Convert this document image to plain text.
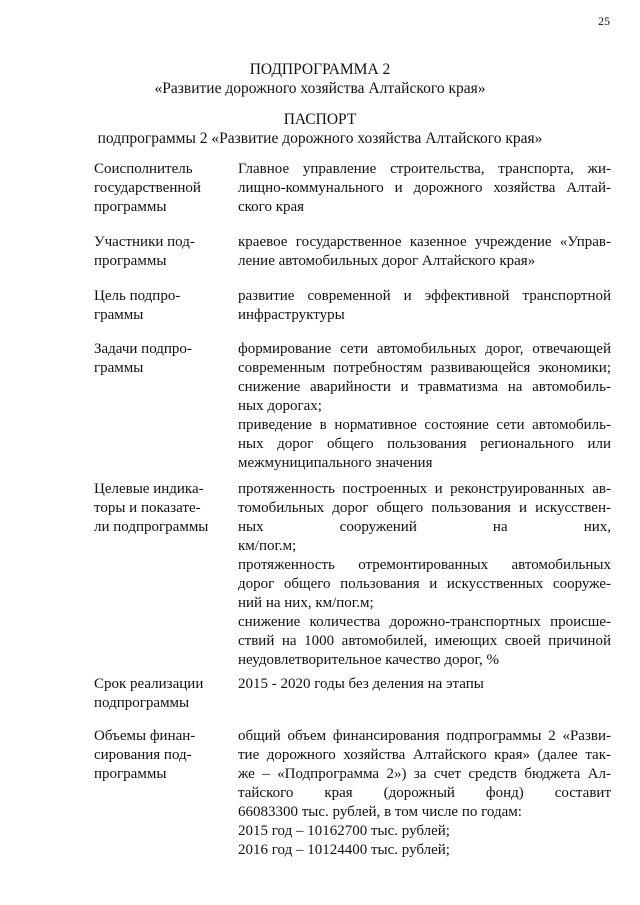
25
ПОДПРОГРАММА 2
«Развитие дорожного хозяйства Алтайского края»
ПАСПОРТ
подпрограммы 2 «Развитие дорожного хозяйства Алтайского края»
Соисполнитель
государственной
программы
Главное управление строительства, транспорта, жи-
лищно-коммунального и дорожного хозяйства Алтай-
ского края
Участники под-
программы
краевое государственное казенное учреждение «Управ-
ление автомобильных дорог Алтайского края»
Цель подпро-
граммы
развитие современной и эффективной транспортной
инфраструктуры
Задачи подпро-
граммы
формирование сети автомобильных дорог, отвечающей
современным потребностям развивающейся экономики;
снижение аварийности и травматизма на автомобиль-
ных дорогах;
приведение в нормативное состояние сети автомобиль-
ных дорог общего пользования регионального или
межмуниципального значения
Целевые индика-
торы и показате-
ли подпрограммы
протяженность построенных и реконструированных ав-
томобильных дорог общего пользования и искусствен-
ных сооружений на них,
км/пог.м;
протяженность отремонтированных автомобильных
дорог общего пользования и искусственных сооруже-
ний на них, км/пог.м;
снижение количества дорожно-транспортных происше-
ствий на 1000 автомобилей, имеющих своей причиной
неудовлетворительное качество дорог, %
Срок реализации
подпрограммы
2015 - 2020 годы без деления на этапы
Объемы финан-
сирования под-
программы
общий объем финансирования подпрограммы 2 «Разви-
тие дорожного хозяйства Алтайского края» (далее так-
же – «Подпрограмма 2») за счет средств бюджета Ал-
тайского края (дорожный фонд) составит
66083300 тыс. рублей, в том числе по годам:
2015 год – 10162700 тыс. рублей;
2016 год – 10124400 тыс. рублей;
